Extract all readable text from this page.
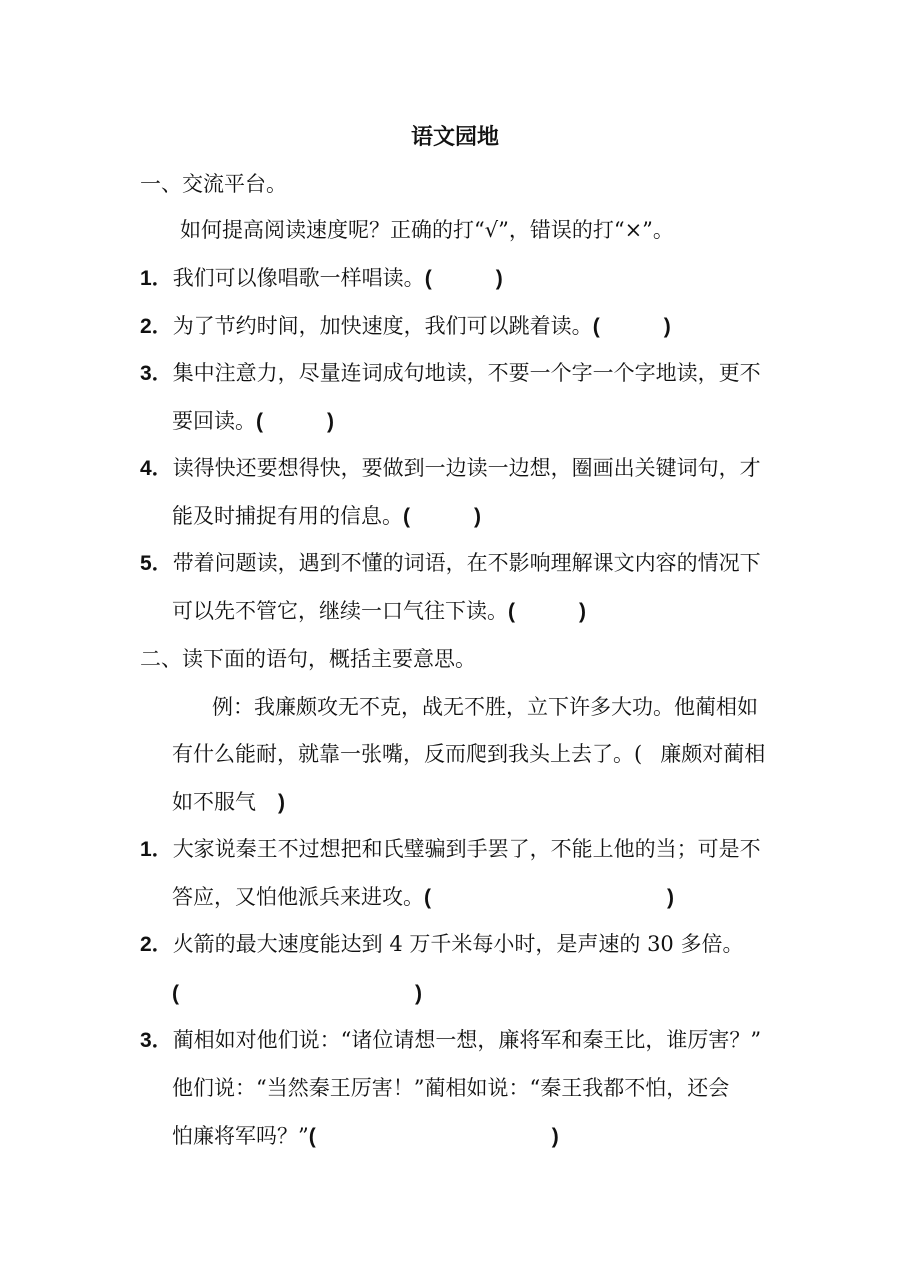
语文园地
一、交流平台。
如何提高阅读速度呢？正确的打“√”，错误的打“×”。
1．我们可以像唱歌一样唱读。(	)
2．为了节约时间，加快速度，我们可以跳着读。(	)
3．集中注意力，尽量连词成句地读，不要一个字一个字地读，更不
要回读。(	)
4．读得快还要想得快，要做到一边读一边想，圈画出关键词句，才
能及时捕捉有用的信息。(	)
5．带着问题读，遇到不懂的词语，在不影响理解课文内容的情况下
可以先不管它，继续一口气往下读。(	)
二、读下面的语句，概括主要意思。
例：我廉颇攻无不克，战无不胜，立下许多大功。他蔺相如
有什么能耐，就靠一张嘴，反而爬到我头上去了。( 廉颇对蔺相
如不服气 )
1．大家说秦王不过想把和氏璧骗到手罢了，不能上他的当；可是不
答应，又怕他派兵来进攻。(	)
2．火箭的最大速度能达到 4 万千米每小时，是声速的 30 多倍。
(	)
3．蔺相如对他们说：“诸位请想一想，廉将军和秦王比，谁厉害？”
他们说：“当然秦王厉害！”蔺相如说：“秦王我都不怕，还会
怕廉将军吗？”(	)
